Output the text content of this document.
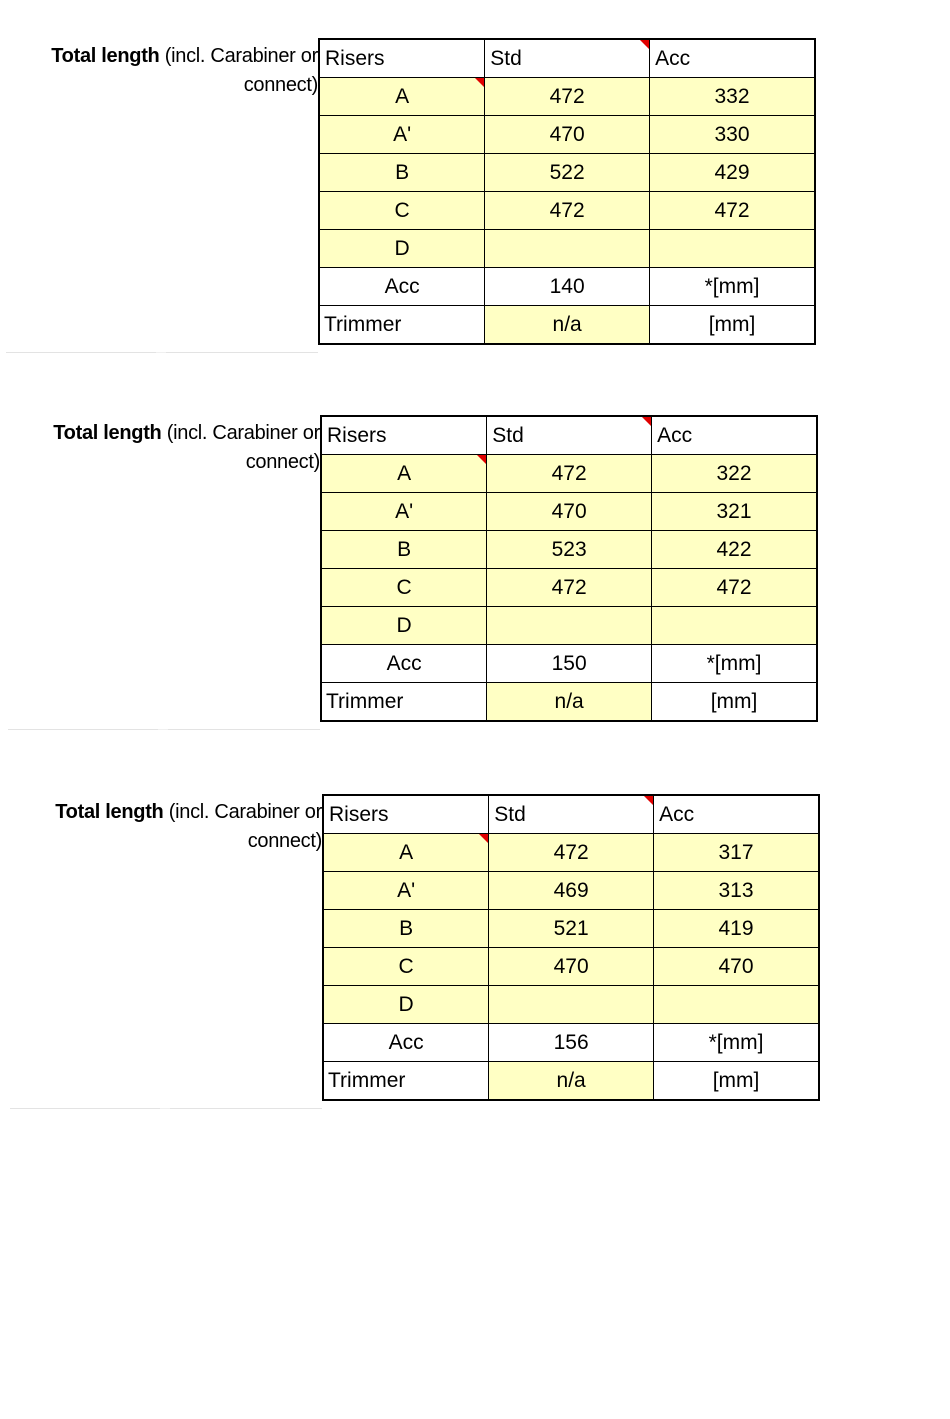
Total length (incl. Carabiner or
connect)
Risers	Std	Acc
A	472	332
A'	470	330
B	522	429
C	472	472
D		
Acc	140	*[mm]
Trimmer	n/a	[mm]
Total length (incl. Carabiner or
connect)
Risers	Std	Acc
A	472	322
A'	470	321
B	523	422
C	472	472
D		
Acc	150	*[mm]
Trimmer	n/a	[mm]
Total length (incl. Carabiner or
connect)
Risers	Std	Acc
A	472	317
A'	469	313
B	521	419
C	470	470
D		
Acc	156	*[mm]
Trimmer	n/a	[mm]
